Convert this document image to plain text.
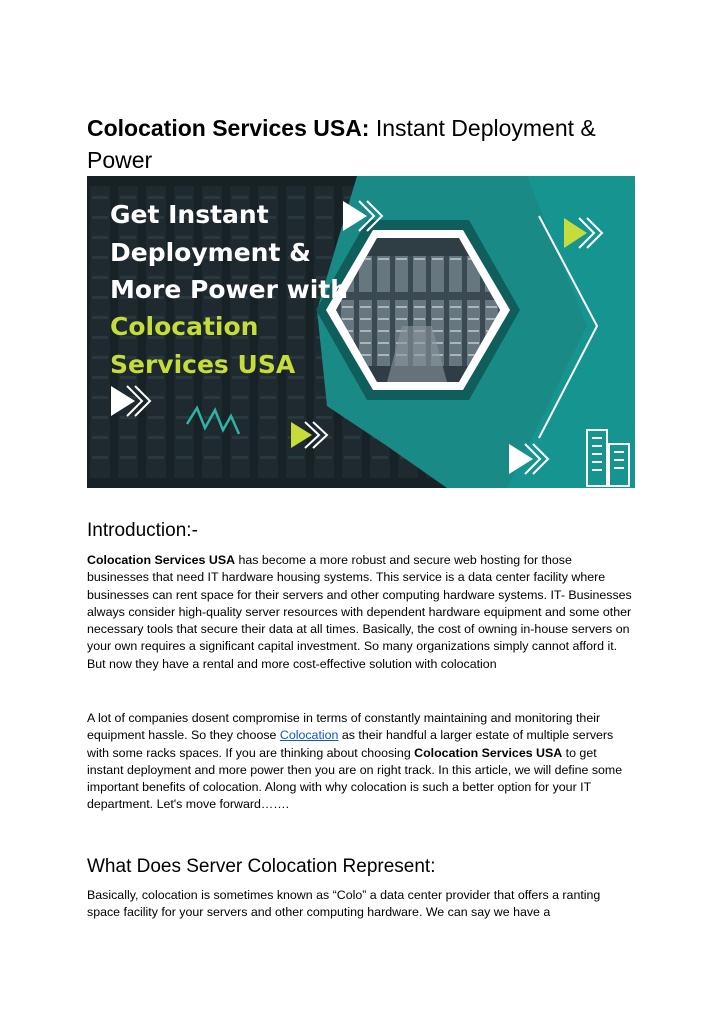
Colocation Services USA: Instant Deployment & Power
Get Instant
Deployment &
More Power with
Colocation
Services USA
Introduction:-

Colocation Services USA has become a more robust and secure web hosting for those businesses that need IT hardware housing systems. This service is a data center facility where businesses can rent space for their servers and other computing hardware systems. IT- Businesses always consider high-quality server resources with dependent hardware equipment and some other necessary tools that secure their data at all times. Basically, the cost of owning in-house servers on your own requires a significant capital investment. So many organizations simply cannot afford it. But now they have a rental and more cost-effective solution with colocation

A lot of companies dosent compromise in terms of constantly maintaining and monitoring their equipment hassle. So they choose Colocation as their handful a larger estate of multiple servers with some racks spaces. If you are thinking about choosing Colocation Services USA to get instant deployment and more power then you are on right track. In this article, we will define some important benefits of colocation. Along with why colocation is such a better option for your IT department. Let's move forward…….

What Does Server Colocation Represent:

Basically, colocation is sometimes known as “Colo” a data center provider that offers a ranting space facility for your servers and other computing hardware. We can say we have a
